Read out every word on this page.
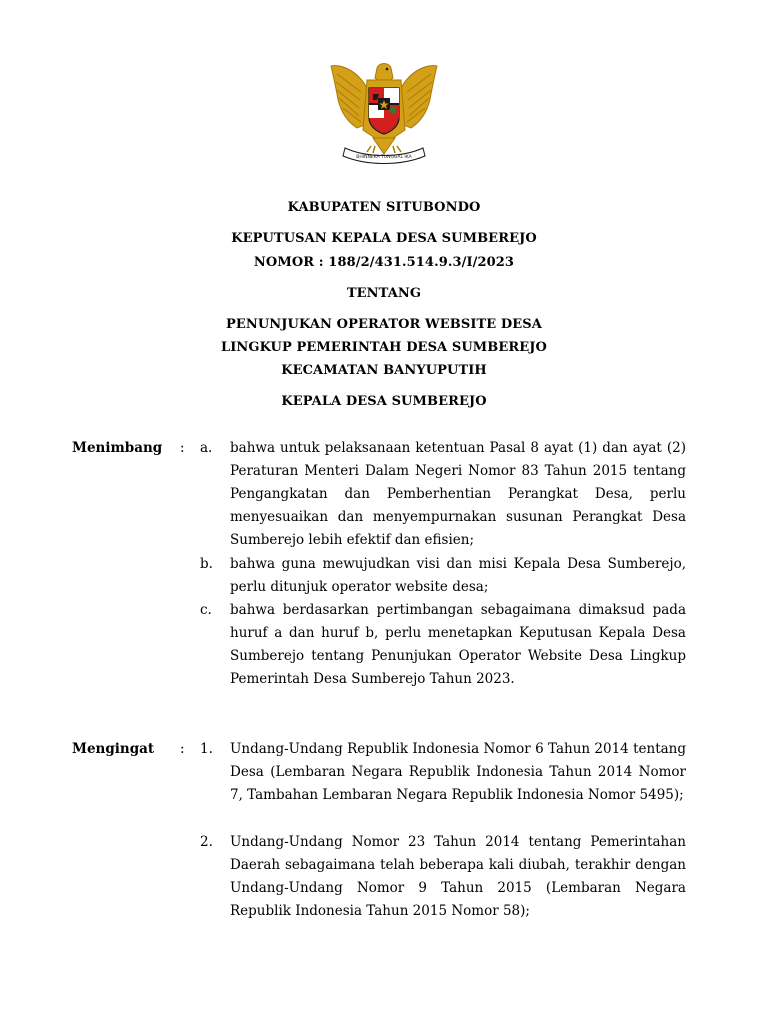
BHINNEKA TUNGGAL IKA
KABUPATEN SITUBONDO
KEPUTUSAN KEPALA DESA SUMBEREJO
NOMOR : 188/2/431.514.9.3/I/2023
TENTANG
PENUNJUKAN OPERATOR WEBSITE DESA
LINGKUP PEMERINTAH DESA SUMBEREJO
KECAMATAN BANYUPUTIH
KEPALA DESA SUMBEREJO
Menimbang : a. bahwa untuk pelaksanaan ketentuan Pasal 8 ayat (1) dan ayat (2) Peraturan Menteri Dalam Negeri Nomor 83 Tahun 2015 tentang Pengangkatan dan Pemberhentian Perangkat Desa, perlu menyesuaikan dan menyempurnakan susunan Perangkat Desa Sumberejo lebih efektif dan efisien;
b. bahwa guna mewujudkan visi dan misi Kepala Desa Sumberejo, perlu ditunjuk operator website desa;
c. bahwa berdasarkan pertimbangan sebagaimana dimaksud pada huruf a dan huruf b, perlu menetapkan Keputusan Kepala Desa Sumberejo tentang Penunjukan Operator Website Desa Lingkup Pemerintah Desa Sumberejo Tahun 2023.
Mengingat : 1. Undang-Undang Republik Indonesia Nomor 6 Tahun 2014 tentang Desa (Lembaran Negara Republik Indonesia Tahun 2014 Nomor 7, Tambahan Lembaran Negara Republik Indonesia Nomor 5495);
2. Undang-Undang Nomor 23 Tahun 2014 tentang Pemerintahan Daerah sebagaimana telah beberapa kali diubah, terakhir dengan Undang-Undang Nomor 9 Tahun 2015 (Lembaran Negara Republik Indonesia Tahun 2015 Nomor 58);
